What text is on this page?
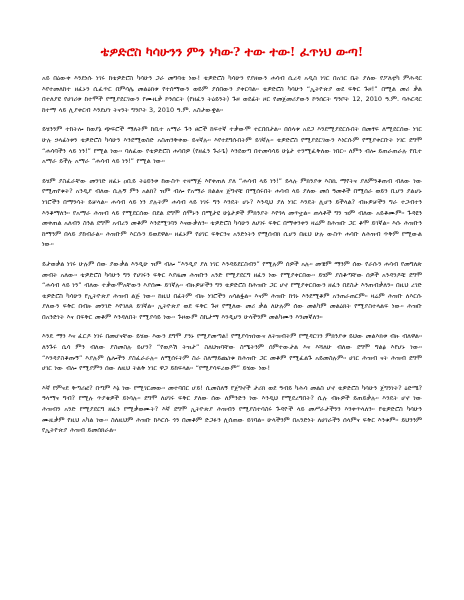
ቴዎድሮስ ካሳሁንን ምን ነካው? ተው ተው! ፈጥነህ ውጣ!

አይ በዕውቀ እንደነሱ ነገሩ ከቴዎድሮስ ካሳሁን ጋራ መግባቴ ነው! ቴዎድሮስ ካሳሁን የያዘውን ሐሳብ ሲረዳ አዲስ ነገር በአገር ቤት ያለው የፖለቲካ ምሕዳር እየተመለከተ ዘፈኑን ሲፈጥር በምሳሌ መልዕክቱ የተሰማውን ወይም ያሰበውን ያቀርባል። ቴዎድሮስ ካሳሁን “ኢትዮጵያ ወደ ፍቅር ጉዞ!” በሚል መሪ ቃል በተለያዩ የሀገሪቱ ከተሞች የሚያደርገውን የሙዚቃ ኮንሰርት (የዘፈን ትዕይንት) ጉዞ ወደፊት ዞር የመጀመሪያውን ኮንሰርት ግንቦት 12, 2010 ዓ.ም. ባሕርዳር ከተማ ላይ ሊያቀርብ እንደሆነ ትናንት ግንቦት 3, 2010 ዓ.ም. አስታውቋል።

ይሄንንም ተከትሎ ከወያኔ ጭፍሮች ማለትም ከቢተ አማራ ጉን ፀሮች ከፍተኛ ተቃውሞ ተርበበታል። በሰላቱ አደጋ እንደሚያደርሱበት በመፃፍ ለሚደርሰው ነገር ሁሉ ኃላፊነቱን ቴዎድሮስ ካሳሁን እንደሚወስድ አስጠንቅቀው ይናኛሉ። እየተደግሱበትም ይገኛሉ። ቴዎድሮስ የሚያደርገውን እነርሱም የሚያቀርቡት ነገር ደግሞ “ሐሳባችን ላይ ነን!” የሚል ነው። ባለፈው የቴዎድሮስ ሐሳበዎ (የዘፈን ጉራጌ) እንደወጣ በተመሳሳይ ሁኔታ ተንሚፈቅለው ነበር። ለምን ብሎ ይጠራጠራሉ የቢተ አማራ ይችሉ አማራ “ሐሳብ ላይ ነን!” የሚል ነው።

ይሄም ያስፈራቸው መንገድ ዘፈኑ ዐቢይ ትዕይንቱ ከውስጥ ተዛማጅ እየቀጠለ ያለ “ሐሳብ ላይ ነን!” ይላሉ ምክንያቱ እስኪ ማየትና ያለምንቆጠብ ብለው ነው የሚጠየቁት? አንዲያ ብለው ሲሉኝ ምን አልክ? ዝም ብሎ የአማራ ክልልና ጀግኖቹ በሚሰሩበት ሐሳብ ላይ ያለው መሰ ዓመቶች በሚሰራ ወይን ቢሆን ያልሆኑ ነገሮችን በማንሳት ይቻላል። ሐሳብ ላይ ነን ያሉትም ሐሳብ ላይ ነገሩ ግን እንዴት ሆኑ? እንዲህ ያለ ነገር እንዴት ሊሆን ይችላል? ብዙዎቻችን ግራ ተጋብተን እንቆማለን። የአማራ ሕዝብ ላይ የሚደርሰው በደል ደግሞ ሰሞኑን በሚታዩ ሁኔታዎች ምክንያት እየጎላ መጥቷል። ጠላቶች ግን ዝም ብለው አይቆሙም። ጉዳዩን መቀጠል አለብን ስንል ደግሞ አብረን መቆም እንደሚገባን እናውቃለን። ቴዎድሮስ ካሳሁን ለሀገሩ ፍቅር በማቀንቀን ዛሬም ከሕዝቡ ጋር ቆሞ ይገኛል። እሱ ሕዝቡን ከማንም በላይ ያከብራል። ሕዝቡም እርሱን ይወደዋል። ዘፈኑም የሀገር ፍቅርንና አንድነትን የሚሰብክ ሲሆን በዚህ ሁሉ ውስጥ ሐሳቡ ለሕዝብ ጥቅም የሚውል ነው።

ይታወቃል ነገሩ ሁሉም ሰው ያውቃል እንዲሁ ዝም ብሎ “እንዲያ ያለ ነገር እንዳይደርስብን” የሚሉም ሰዎች አሉ። መቼም ማንም ሰው የራሱን ሐሳብ የመግለጽ መብት አለው። ቴዎድሮስ ካሳሁን ግን የሀገሩን ፍቅር እያዜመ ሕዝቡን አንድ የሚያደርግ ዘፈን ነው የሚያቀርበው። ይሄም ያስቆጣቸው ሰዎች አንዳንዶቹ ደግሞ “ሐሳብ ላይ ነን” ብለው ተቃውሞአቸውን እያሰሙ ይገኛሉ። ብዙዎቻችን ግን ቴዎድሮስ ከሕዝቡ ጋር ሆኖ የሚያቀርበውን ዘፈን በደስታ እንጠብቃለን። በዚህ ረገድ ቴዎድሮስ ካሳሁን የኢትዮጵያ ሕዝብ ልጅ ነው። ከዚህ በፊትም ብዙ ነገሮችን አሳልፏል። እናም ሕዝቡ ከጎኑ እንደሚቆም አንጠራጠርም። ዛሬም ሕዝቡ ለእርሱ ያለውን ፍቅር በብዙ መንገድ እየገለጸ ይገኛል። ኢትዮጵያ ወደ ፍቅር ጉዞ የሚለው መሪ ቃል ለሁሉም ሰው መልካም መልዕክት የሚያስተላልፍ ነው። ሕዝቡ በአንድነት እና በፍቅር መቆም እንዳለበት የሚያሳይ ነው። ጉዞውም ስኬታማ እንዲሆን ሁላችንም መልካሙን እንመኛለን።

እንዴ ማን እና ፈርዶ ነገሩ በመሆናቸው ይሄው እውን ደግሞ ያንኑ የሚያመጣል! የሚያሳዝነውና ለትዝብትም የሚዳርገን ምክንያቱ ይህው መልእክቱ ብዙ ብለዋል። ለንጉሩ ሴሳ ምን ብለው ያስመስሉ ይሆን? “የወዶሽ ትዝታ” ስለህዝባቸው ስሜትንም ሰምተውታል እና እሻለሁ ብለው ደግሞ ግልፅ እየሆኑ ነው። “እንዳያስቆጡኝ” እያሉም ሌሎችን ያስፈራራሉ። ለሚሰሩትም ስራ ስለማይጨነቁ ከሕዝቡ ጋር መቆም የሚፈልጉ አይመስሉም። ሀገር ሕዝብ ናት ሕዝብ ደግሞ ሀገር ነው ብሎ የሚያምን ሰው ለዚህ ትልቅ ነገር ዋጋ ይከፍላል። “የሚያሳፍረውም” ይሄው ነው!

እኛ የምናደ ቅጣሪፎ? በጣም እኔ ነው የሚገርመው። መተባበር ሆይ! ሲመስለኝ የጀግኖች ታሪክ ወደ ዓብይ ካሕሳ መልስ ሆኖ ቴዎድሮስ ካሳሁን ጀግንነት? ዕድሜ? ዓላማና ግብ? የሚሉ ጥያቄዎች ይነሳሉ። ደግሞ ለሀገሩ ፍቅር ያለው ሰው ለምንድን ነው እንዲህ የሚደረግበት? ሲሉ ብዙዎች ይጠይቃሉ። እንዴት ሆኖ ነው ሕዝብን አንድ የሚያደርግ ዘፈን የሚቃወሙት? እኛ ደግሞ ኢትዮጵያ ሕዝብን የሚያስተሳስሩ ጉዳዮች ላይ መሥራታችንን እንቀጥላለን። የቴዎድሮስ ካሳሁን ሙዚቃም የዚህ አካል ነው። ስለዚህም ሕዝቡ ከእርሱ ጎን በመቆም ድጋፉን ሊሰጠው ይገባል። ሁላችንም በአንድነት ለሀገራችን ሰላምና ፍቅር እንቁም። ይህንንም የኢትዮጵያ ሕዝብ ይመሰክራል።
